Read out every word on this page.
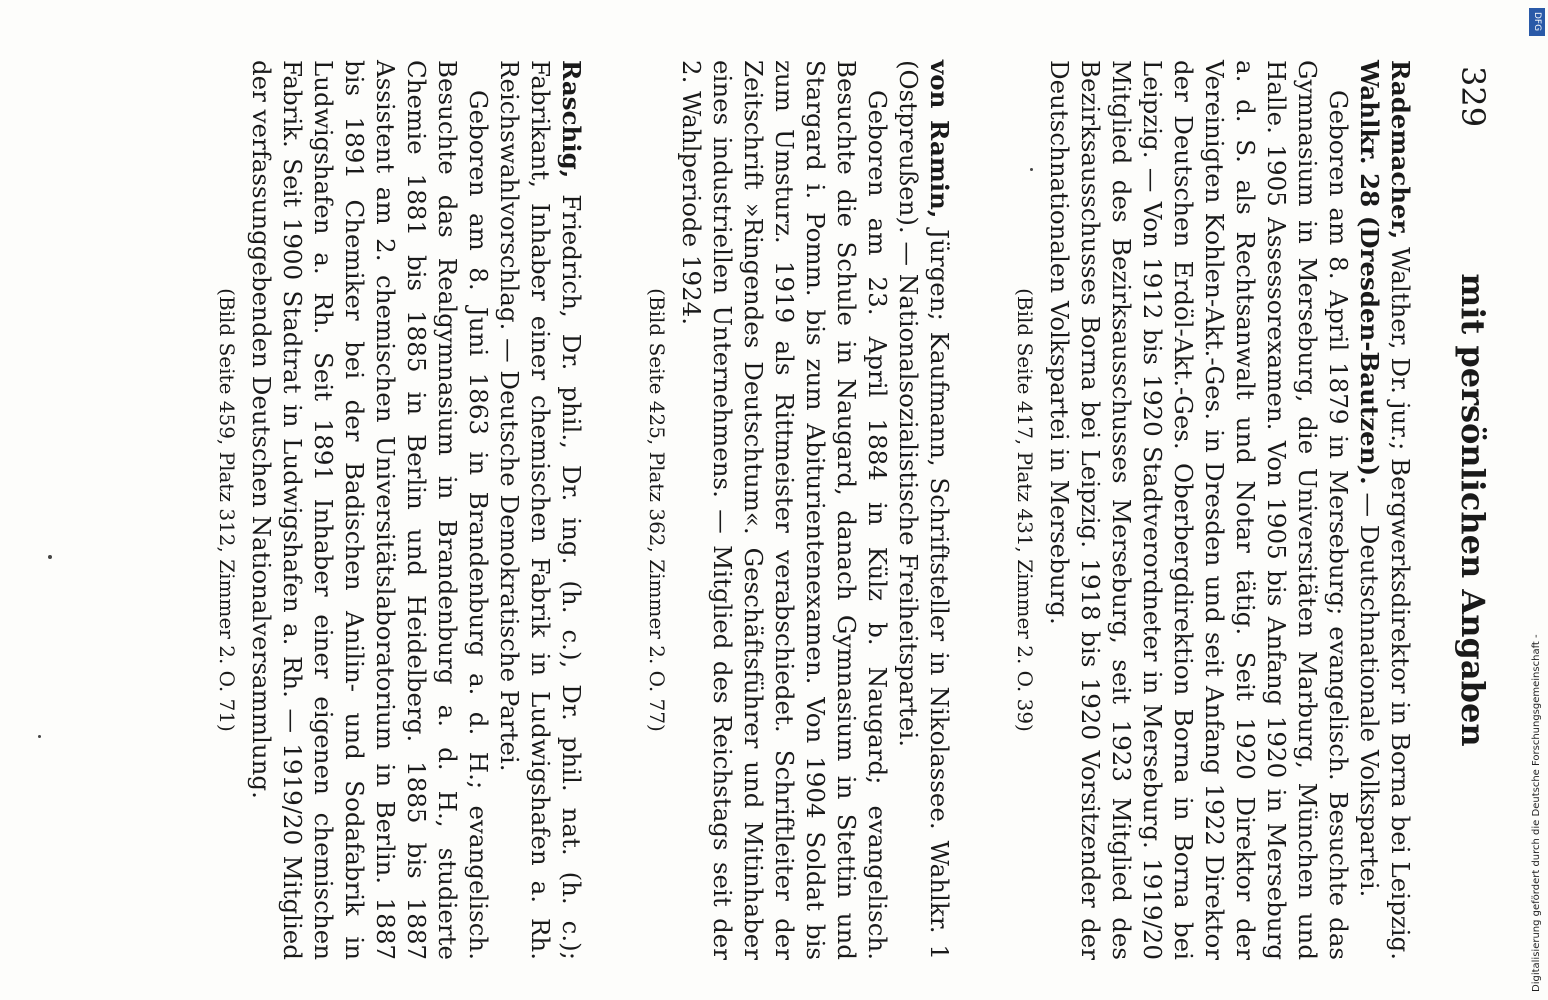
329
mit persönlichen Angaben

Rademacher, Walther, Dr. jur.; Bergwerksdirektor in Borna bei Leipzig. Wahlkr. 28 (Dresden-Bautzen). — Deutschnationale Volkspartei.

Geboren am 8. April 1879 in Merseburg; evangelisch. Besuchte das Gymnasium in Merseburg, die Universitäten Marburg, München und Halle. 1905 Assessorexamen. Von 1905 bis Anfang 1920 in Merseburg a. d. S. als Rechtsanwalt und Notar tätig. Seit 1920 Direktor der Vereinigten Kohlen-Akt.-Ges. in Dresden und seit Anfang 1922 Direktor der Deutschen Erdöl-Akt.-Ges. Oberbergdirektion Borna in Borna bei Leipzig. — Von 1912 bis 1920 Stadtverordneter in Merseburg. 1919/20 Mitglied des Bezirksausschusses Merseburg, seit 1923 Mitglied des Bezirksausschusses Borna bei Leipzig. 1918 bis 1920 Vorsitzender der Deutschnationalen Volkspartei in Merseburg.

(Bild Seite 417, Platz 431, Zimmer 2. O. 39)

von Ramin, Jürgen; Kaufmann, Schriftsteller in Nikolassee. Wahlkr. 1 (Ostpreußen). — Nationalsozialistische Freiheitspartei.

Geboren am 23. April 1884 in Külz b. Naugard; evangelisch. Besuchte die Schule in Naugard, danach Gymnasium in Stettin und Stargard i. Pomm. bis zum Abiturientenexamen. Von 1904 Soldat bis zum Umsturz. 1919 als Rittmeister verabschiedet. Schriftleiter der Zeitschrift »Ringendes Deutschtum«. Geschäftsführer und Mitinhaber eines industriellen Unternehmens. — Mitglied des Reichstags seit der 2. Wahlperiode 1924.

(Bild Seite 425, Platz 362, Zimmer 2. O. 77)

Raschig, Friedrich, Dr. phil., Dr. ing. (h. c.), Dr. phil. nat. (h. c.); Fabrikant, Inhaber einer chemischen Fabrik in Ludwigshafen a. Rh. Reichswahlvorschlag. — Deutsche Demokratische Partei.

Geboren am 8. Juni 1863 in Brandenburg a. d. H.; evangelisch. Besuchte das Realgymnasium in Brandenburg a. d. H., studierte Chemie 1881 bis 1885 in Berlin und Heidelberg. 1885 bis 1887 Assistent am 2. chemischen Universitätslaboratorium in Berlin. 1887 bis 1891 Chemiker bei der Badischen Anilin- und Sodafabrik in Ludwigshafen a. Rh. Seit 1891 Inhaber einer eigenen chemischen Fabrik. Seit 1900 Stadtrat in Ludwigshafen a. Rh. — 1919/20 Mitglied der verfassunggebenden Deutschen Nationalversammlung.

(Bild Seite 459, Platz 312, Zimmer 2. O. 71)

DFG
Digitalisierung gefördert durch die Deutsche Forschungsgemeinschaft -
